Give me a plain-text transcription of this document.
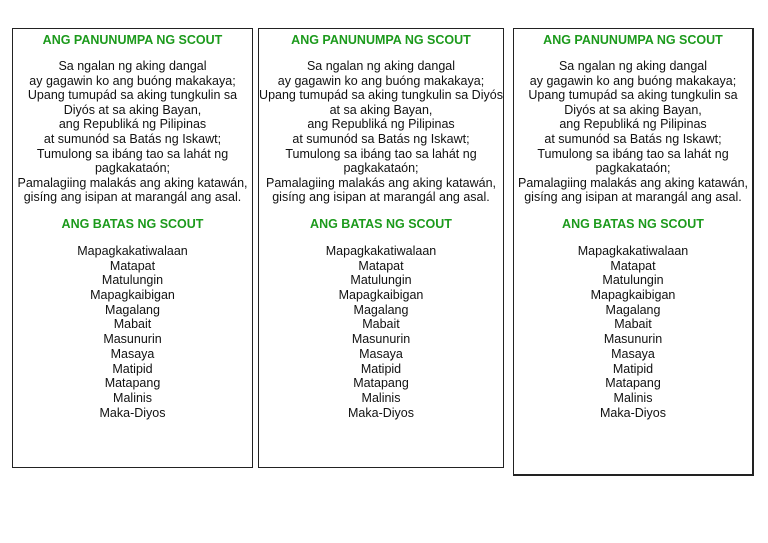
ANG PANUNUMPA NG SCOUT
Sa ngalan ng aking dangal
ay gagawin ko ang buóng makakaya;
Upang tumupád sa aking tungkulin sa Diyós at sa aking Bayan,
ang Republiká ng Pilipinas
at sumunód sa Batás ng Iskawt;
Tumulong sa ibáng tao sa lahát ng pagkakataón;
Pamalagiing malakás ang aking katawán,
gisíng ang isipan at marangál ang asal.
ANG BATAS NG SCOUT
Mapagkakatiwalaan
Matapat
Matulungin
Mapagkaibigan
Magalang
Mabait
Masunurin
Masaya
Matipid
Matapang
Malinis
Maka-Diyos
ANG PANUNUMPA NG SCOUT
Sa ngalan ng aking dangal
ay gagawin ko ang buóng makakaya;
Upang tumupád sa aking tungkulin sa Diyós at sa aking Bayan,
ang Republiká ng Pilipinas
at sumunód sa Batás ng Iskawt;
Tumulong sa ibáng tao sa lahát ng pagkakataón;
Pamalagiing malakás ang aking katawán,
gisíng ang isipan at marangál ang asal.
ANG BATAS NG SCOUT
Mapagkakatiwalaan
Matapat
Matulungin
Mapagkaibigan
Magalang
Mabait
Masunurin
Masaya
Matipid
Matapang
Malinis
Maka-Diyos
ANG PANUNUMPA NG SCOUT
Sa ngalan ng aking dangal
ay gagawin ko ang buóng makakaya;
Upang tumupád sa aking tungkulin sa Diyós at sa aking Bayan,
ang Republiká ng Pilipinas
at sumunód sa Batás ng Iskawt;
Tumulong sa ibáng tao sa lahát ng pagkakataón;
Pamalagiing malakás ang aking katawán,
gisíng ang isipan at marangál ang asal.
ANG BATAS NG SCOUT
Mapagkakatiwalaan
Matapat
Matulungin
Mapagkaibigan
Magalang
Mabait
Masunurin
Masaya
Matipid
Matapang
Malinis
Maka-Diyos
